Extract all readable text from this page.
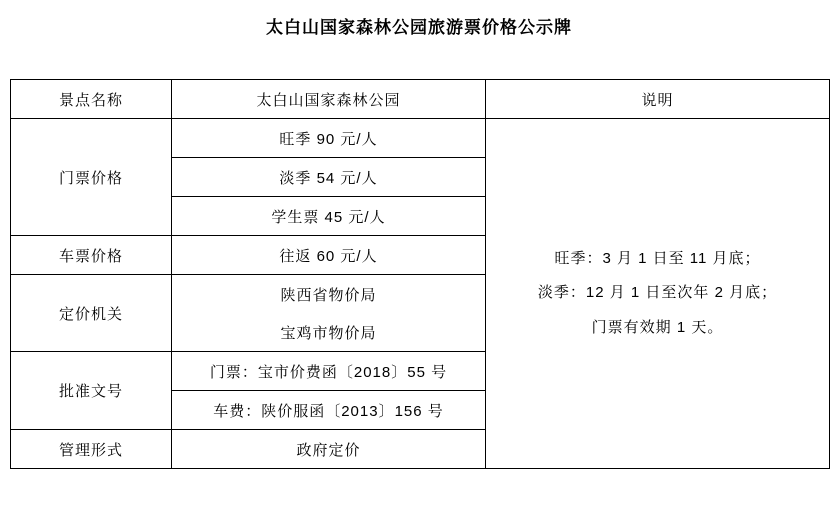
太白山国家森林公园旅游票价格公示牌
景点名称	太白山国家森林公园	说明
门票价格	旺季 90 元/人	旺季：3 月 1 日至 11 月底；
淡季：12 月 1 日至次年 2 月底；
门票有效期 1 天。

	淡季 54 元/人	
	学生票 45 元/人	
车票价格	往返 60 元/人	
定价机关	陕西省物价局	
	宝鸡市物价局	
批准文号	门票：宝市价费函〔2018〕55 号	
	车费：陕价服函〔2013〕156 号	
管理形式	政府定价	
